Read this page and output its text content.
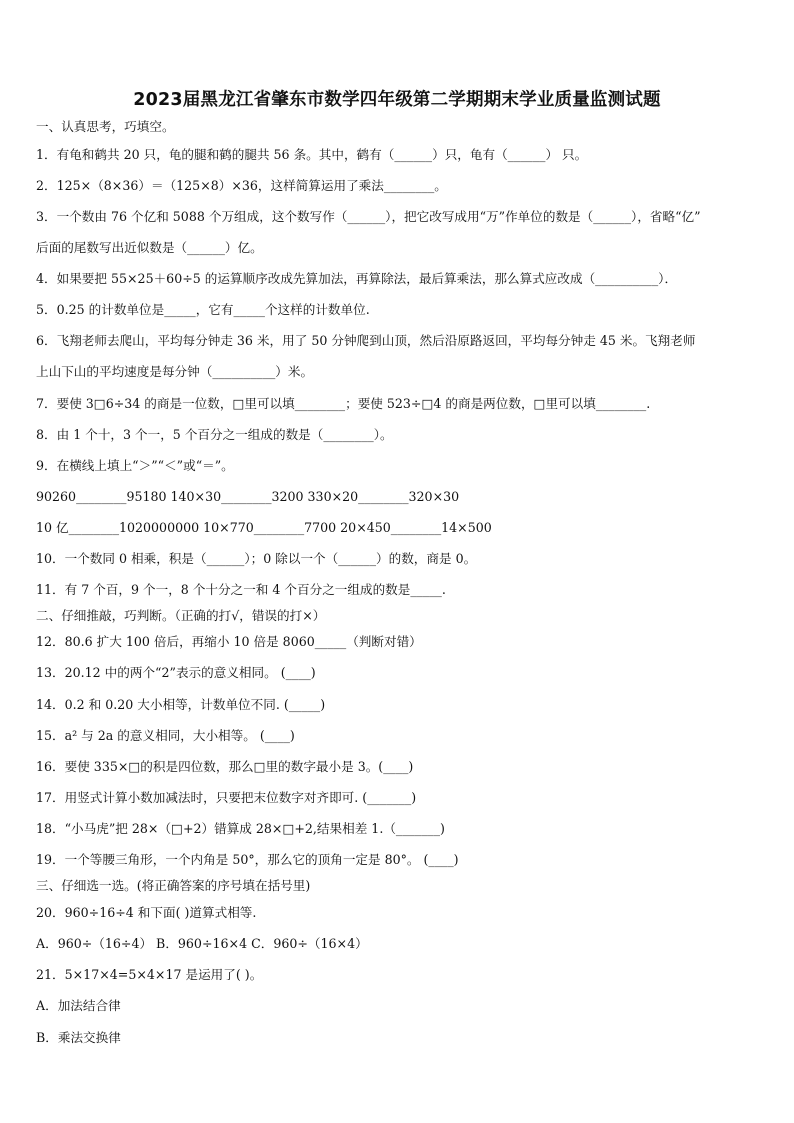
2023届黑龙江省肇东市数学四年级第二学期期末学业质量监测试题
一、认真思考，巧填空。
1．有龟和鹤共 20 只，龟的腿和鹤的腿共 56 条。其中，鹤有（______）只，龟有（______） 只。
2．125×（8×36）＝（125×8）×36，这样简算运用了乘法________。
3．一个数由 76 个亿和 5088 个万组成，这个数写作（______），把它改写成用“万”作单位的数是（______），省略“亿”
后面的尾数写出近似数是（______）亿。
4．如果要把 55×25＋60÷5 的运算顺序改成先算加法，再算除法，最后算乘法，那么算式应改成（__________）．
5．0.25 的计数单位是_____，它有_____个这样的计数单位.
6．飞翔老师去爬山，平均每分钟走 36 米，用了 50 分钟爬到山顶，然后沿原路返回，平均每分钟走 45 米。飞翔老师
上山下山的平均速度是每分钟（__________）米。
7．要使 3□6÷34 的商是一位数，□里可以填________；要使 523÷□4 的商是两位数，□里可以填________.
8．由 1 个十，3 个一，5 个百分之一组成的数是（________）。
9．在横线上填上“＞”“＜”或“＝”。
90260________95180 140×30________3200 330×20________320×30
10 亿________1020000000 10×770________7700 20×450________14×500
10．一个数同 0 相乘，积是（______）；0 除以一个（______）的数，商是 0。
11．有 7 个百，9 个一，8 个十分之一和 4 个百分之一组成的数是_____.
二、仔细推敲，巧判断。（正确的打√，错误的打×）
12．80.6 扩大 100 倍后，再缩小 10 倍是 8060_____（判断对错）
13．20.12 中的两个“2”表示的意义相同。 (____)
14．0.2 和 0.20 大小相等，计数单位不同. (_____)
15．a² 与 2a 的意义相同，大小相等。 (____)
16．要使 335×□的积是四位数，那么□里的数字最小是 3。(____)
17．用竖式计算小数加减法时，只要把末位数字对齐即可. (_______)
18．“小马虎”把 28×（□+2）错算成 28×□+2,结果相差 1.（_______)
19．一个等腰三角形，一个内角是 50°，那么它的顶角一定是 80°。 (____)
三、仔细选一选。(将正确答案的序号填在括号里)
20．960÷16÷4 和下面( )道算式相等.
A．960÷（16÷4） B．960÷16×4 C．960÷（16×4）
21．5×17×4=5×4×17 是运用了( )。
A．加法结合律
B．乘法交换律
